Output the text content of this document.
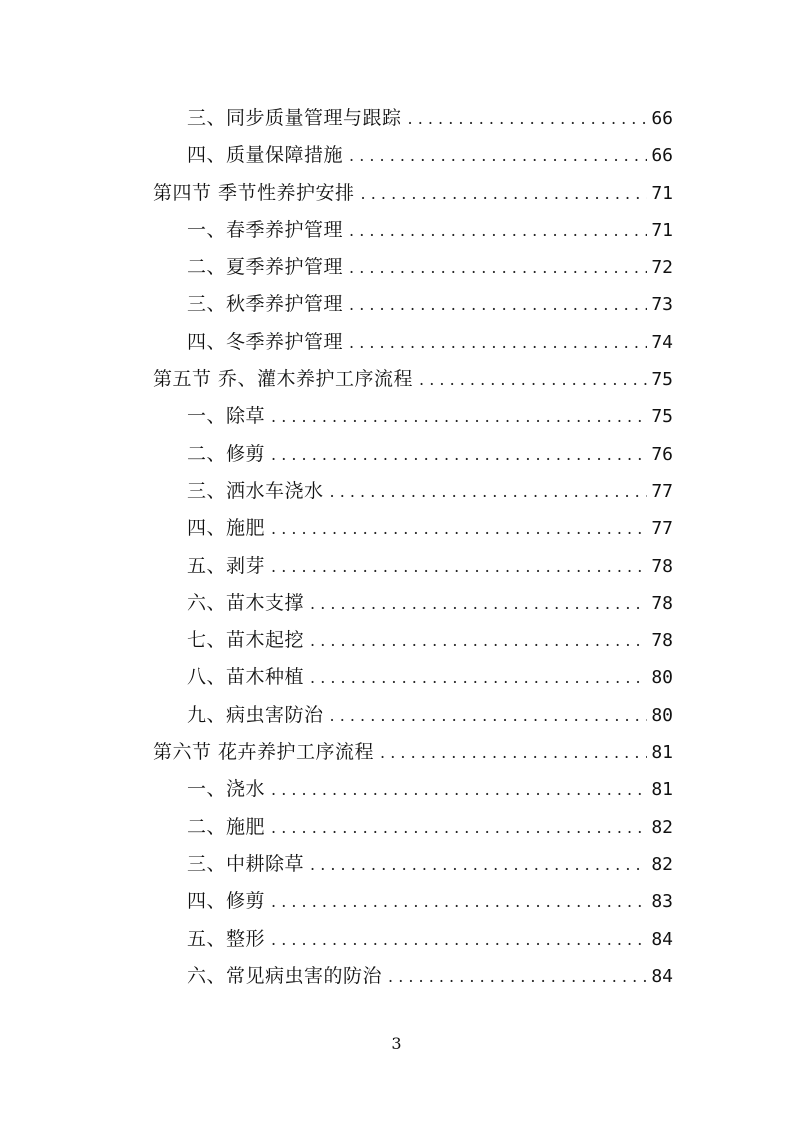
三、同步质量管理与跟踪 . . .	66
四、质量保障措施 . . .	66
第四节 季节性养护安排 . . .	71
一、春季养护管理 . . .	71
二、夏季养护管理 . . .	72
三、秋季养护管理 . . .	73
四、冬季养护管理 . . .	74
第五节 乔、灌木养护工序流程 . . .	75
一、除草 . . .	75
二、修剪 . . .	76
三、洒水车浇水 . . .	77
四、施肥 . . .	77
五、剥芽 . . .	78
六、苗木支撑 . . .	78
七、苗木起挖 . . .	78
八、苗木种植 . . .	80
九、病虫害防治 . . .	80
第六节 花卉养护工序流程 . . .	81
一、浇水 . . .	81
二、施肥 . . .	82
三、中耕除草 . . .	82
四、修剪 . . .	83
五、整形 . . .	84
六、常见病虫害的防治 . . .	84
3
